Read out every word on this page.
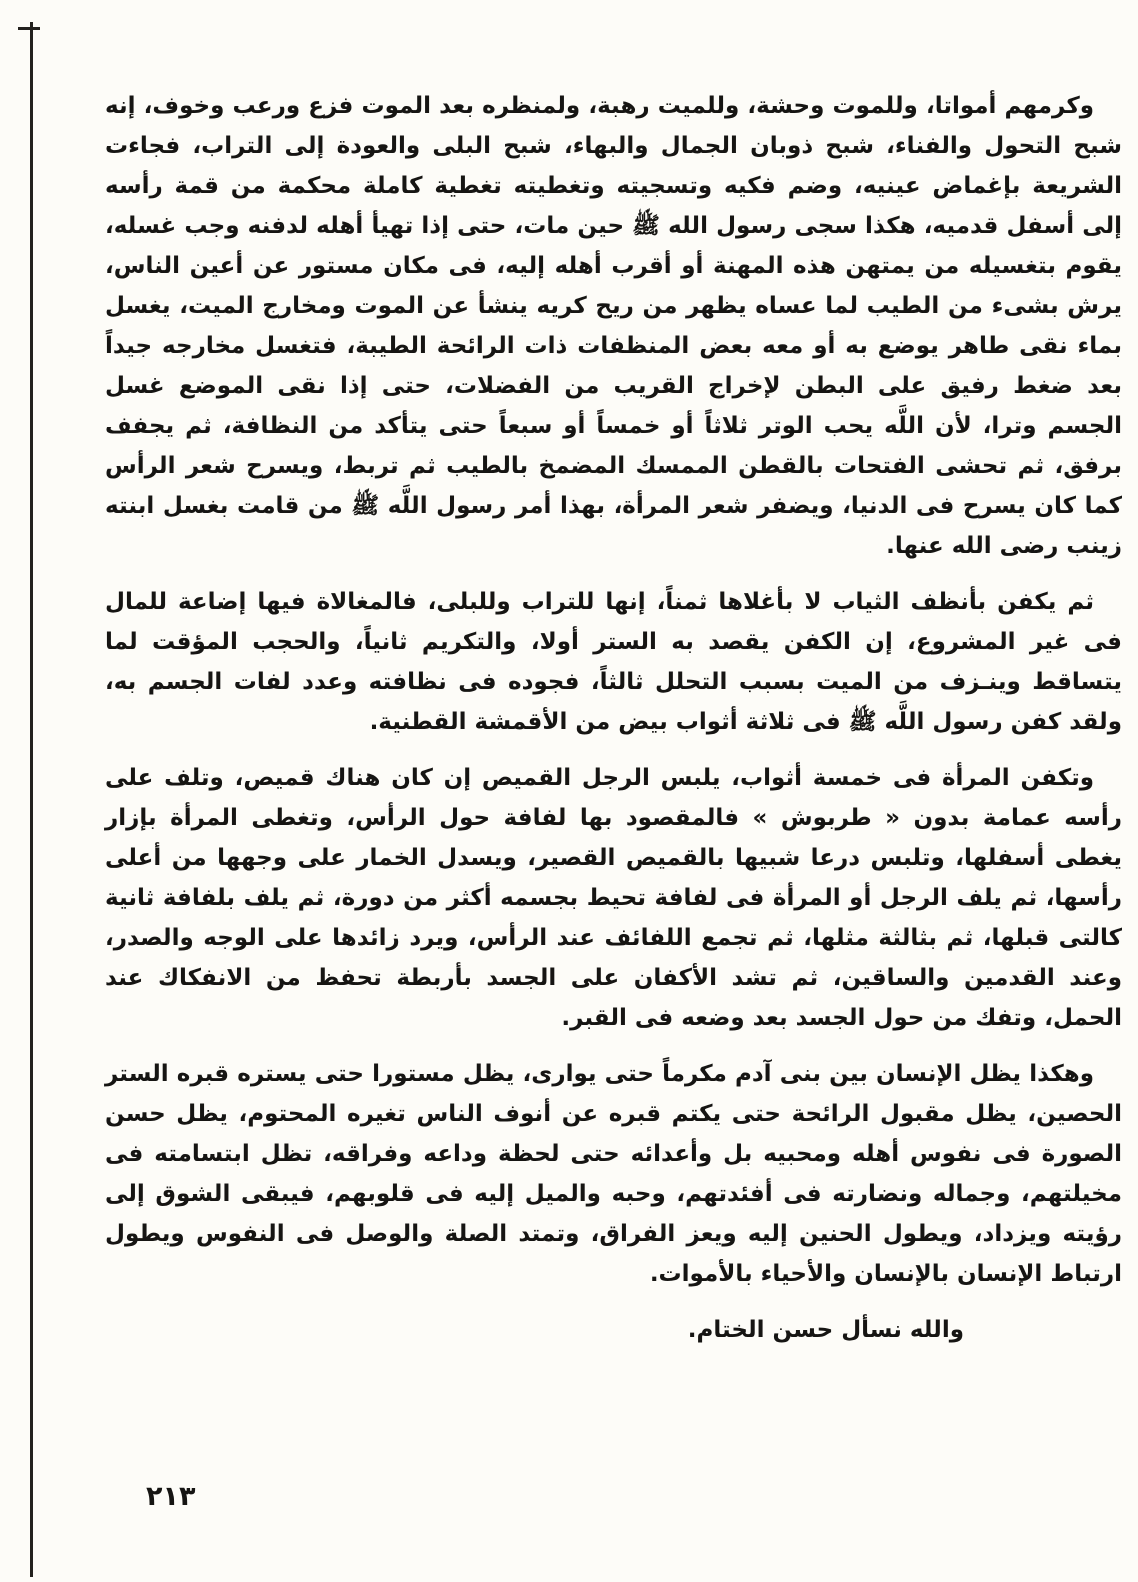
وكرمهم أمواتا، وللموت وحشة، وللميت رهبة، ولمنظره بعد الموت فزع ورعب وخوف، إنه شبح التحول والفناء، شبح ذوبان الجمال والبهاء، شبح البلى والعودة إلى التراب، فجاءت الشريعة بإغماض عينيه، وضم فكيه وتسجيته وتغطيته تغطية كاملة محكمة من قمة رأسه إلى أسفل قدميه، هكذا سجى رسول الله ﷺ حين مات، حتى إذا تهيأ أهله لدفنه وجب غسله، يقوم بتغسيله من يمتهن هذه المهنة أو أقرب أهله إليه، فى مكان مستور عن أعين الناس، يرش بشىء من الطيب لما عساه يظهر من ريح كريه ينشأ عن الموت ومخارج الميت، يغسل بماء نقى طاهر يوضع به أو معه بعض المنظفات ذات الرائحة الطيبة، فتغسل مخارجه جيداً بعد ضغط رفيق على البطن لإخراج القريب من الفضلات، حتى إذا نقى الموضع غسل الجسم وترا، لأن اللَّه يحب الوتر ثلاثاً أو خمساً أو سبعاً حتى يتأكد من النظافة، ثم يجفف برفق، ثم تحشى الفتحات بالقطن الممسك المضمخ بالطيب ثم تربط، ويسرح شعر الرأس كما كان يسرح فى الدنيا، ويضفر شعر المرأة، بهذا أمر رسول اللَّه ﷺ من قامت بغسل ابنته زينب رضى الله عنها.

ثم يكفن بأنظف الثياب لا بأغلاها ثمناً، إنها للتراب وللبلى، فالمغالاة فيها إضاعة للمال فى غير المشروع، إن الكفن يقصد به الستر أولا، والتكريم ثانياً، والحجب المؤقت لما يتساقط وينـزف من الميت بسبب التحلل ثالثاً، فجوده فى نظافته وعدد لفات الجسم به، ولقد كفن رسول اللَّه ﷺ فى ثلاثة أثواب بيض من الأقمشة القطنية.

وتكفن المرأة فى خمسة أثواب، يلبس الرجل القميص إن كان هناك قميص، وتلف على رأسه عمامة بدون « طربوش » فالمقصود بها لفافة حول الرأس، وتغطى المرأة بإزار يغطى أسفلها، وتلبس درعا شبيها بالقميص القصير، ويسدل الخمار على وجهها من أعلى رأسها، ثم يلف الرجل أو المرأة فى لفافة تحيط بجسمه أكثر من دورة، ثم يلف بلفافة ثانية كالتى قبلها، ثم بثالثة مثلها، ثم تجمع اللفائف عند الرأس، ويرد زائدها على الوجه والصدر، وعند القدمين والساقين، ثم تشد الأكفان على الجسد بأربطة تحفظ من الانفكاك عند الحمل، وتفك من حول الجسد بعد وضعه فى القبر.

وهكذا يظل الإنسان بين بنى آدم مكرماً حتى يوارى، يظل مستورا حتى يستره قبره الستر الحصين، يظل مقبول الرائحة حتى يكتم قبره عن أنوف الناس تغيره المحتوم، يظل حسن الصورة فى نفوس أهله ومحبيه بل وأعدائه حتى لحظة وداعه وفراقه، تظل ابتسامته فى مخيلتهم، وجماله ونضارته فى أفئدتهم، وحبه والميل إليه فى قلوبهم، فيبقى الشوق إلى رؤيته ويزداد، ويطول الحنين إليه ويعز الفراق، وتمتد الصلة والوصل فى النفوس ويطول ارتباط الإنسان بالإنسان والأحياء بالأموات.

والله نسأل حسن الختام.

٢١٣
